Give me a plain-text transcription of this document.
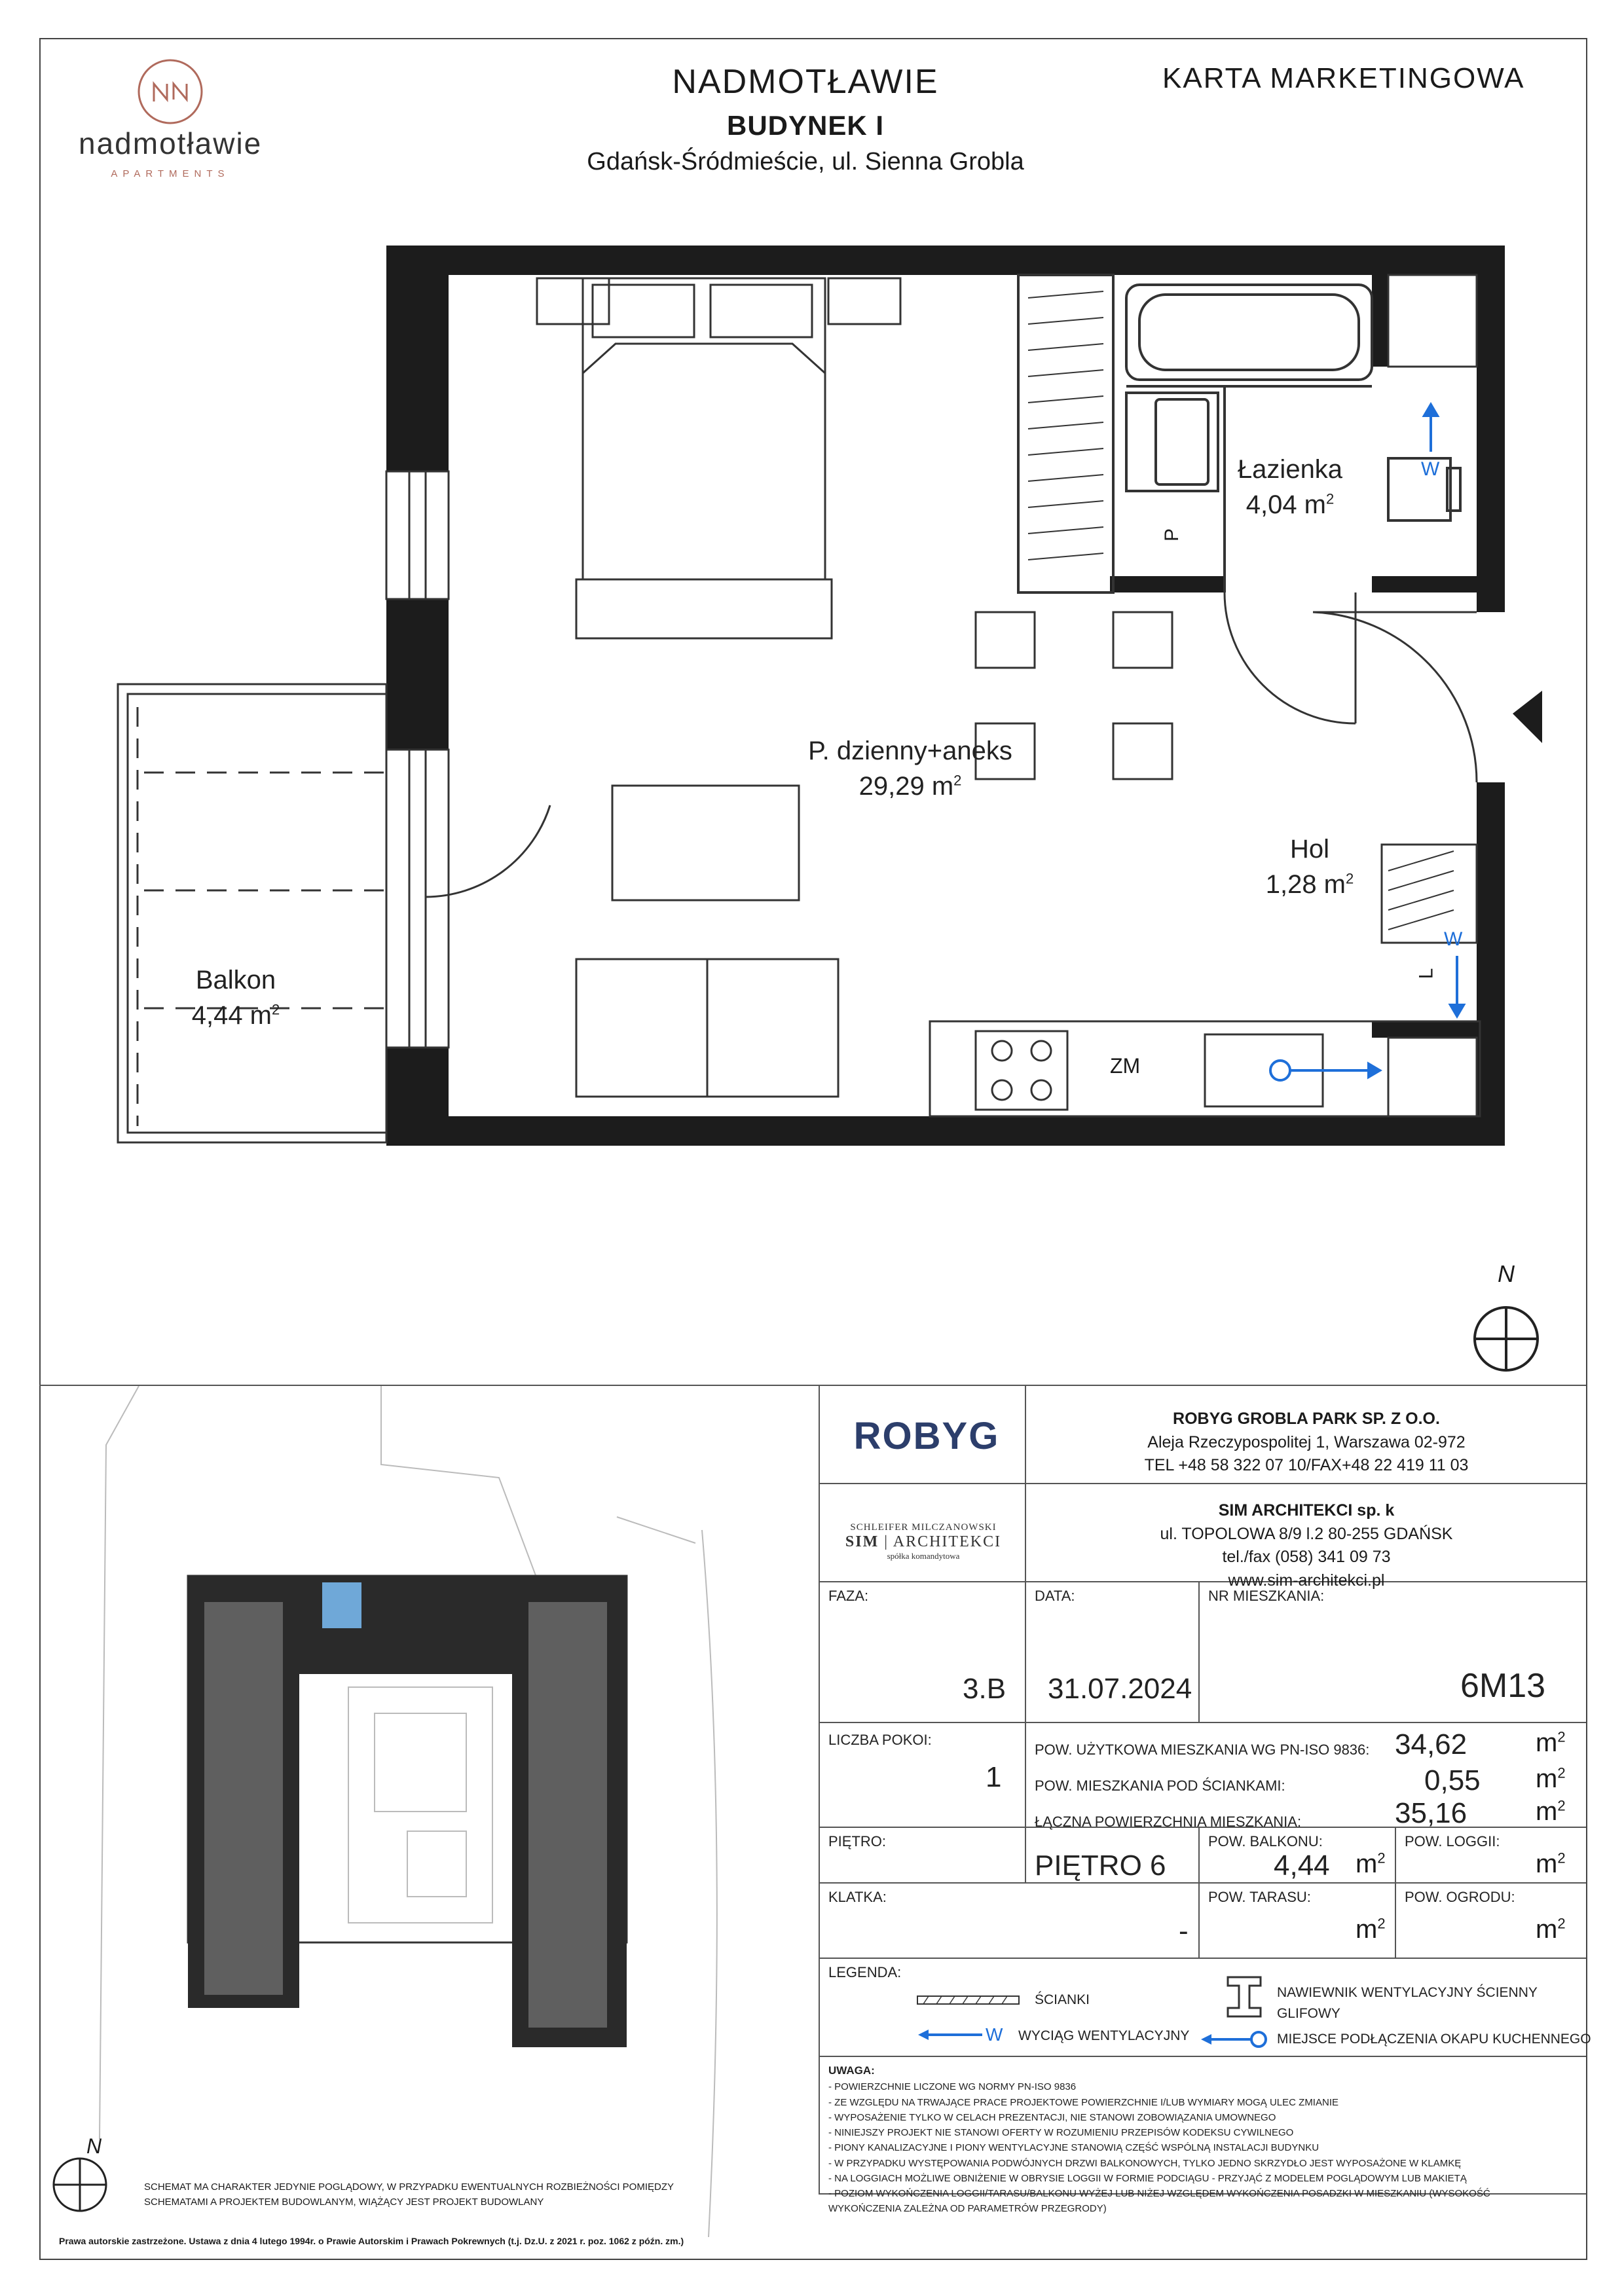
nadmotławie
APARTMENTS
NADMOTŁAWIE
BUDYNEK I
Gdańsk-Śródmieście, ul. Sienna Grobla
KARTA MARKETINGOWA
Łazienka
4,04 $m^2$
P. dzienny+aneks
29,29 $m^2$
Hol
1,28 $m^2$
Balkon
4,44 $m^2$
P
W
W
L
ZM
N
N
SCHEMAT MA CHARAKTER JEDYNIE POGLĄDOWY, W PRZYPADKU EWENTUALNYCH ROZBIEŻNOŚCI POMIĘDZY
SCHEMATAMI A PROJEKTEM BUDOWLANYM, WIĄŻĄCY JEST PROJEKT BUDOWLANY
Prawa autorskie zastrzeżone. Ustawa z dnia 4 lutego 1994r. o Prawie Autorskim i Prawach Pokrewnych (t.j. Dz.U. z 2021 r. poz. 1062 z późn. zm.)
ROBYG	ROBYG GROBLA PARK SP. Z O.O.
Aleja Rzeczypospolitej 1, Warszawa 02-972
TEL +48 58 322 07 10/FAX+48 22 419 11 03
SCHLEIFER MILCZANOWSKI
SIM | ARCHITEKCI
spółka komandytowa
SIM ARCHITEKCI sp. k
ul. TOPOLOWA 8/9 l.2 80-255 GDAŃSK
tel./fax (058) 341 09 73
www.sim-architekci.pl
FAZA:
3.B
DATA:
31.07.2024
NR MIESZKANIA:
6M13
LICZBA POKOI:
1
POW. UŻYTKOWA MIESZKANIA WG PN-ISO 9836: 34,62	$m^2$
POW. MIESZKANIA POD ŚCIANKAMI:	0,55 $m^2$
ŁĄCZNA POWIERZCHNIA MIESZKANIA:	35,16	$m^2$
PIĘTRO:
PIĘTRO 6
POW. BALKONU:
4,44 $m^2$
POW. LOGGII:
$m^2$
KLATKA:
-
POW. TARASU:
$m^2$
POW. OGRODU:
$m^2$
LEGENDA:
ŚCIANKI
W WYCIĄG WENTYLACYJNY
NAWIEWNIK WENTYLACYJNY ŚCIENNY
GLIFOWY
MIEJSCE PODŁĄCZENIA OKAPU KUCHENNEGO
UWAGA:
- POWIERZCHNIE LICZONE WG NORMY PN-ISO 9836
- ZE WZGLĘDU NA TRWAJĄCE PRACE PROJEKTOWE POWIERZCHNIE I/LUB WYMIARY MOGĄ ULEC ZMIANIE
- WYPOSAŻENIE TYLKO W CELACH PREZENTACJI, NIE STANOWI ZOBOWIĄZANIA UMOWNEGO
- NINIEJSZY PROJEKT NIE STANOWI OFERTY W ROZUMIENIU PRZEPISÓW KODEKSU CYWILNEGO
- PIONY KANALIZACYJNE I PIONY WENTYLACYJNE STANOWIĄ CZĘŚĆ WSPÓLNĄ INSTALACJI BUDYNKU
- W PRZYPADKU WYSTĘPOWANIA PODWÓJNYCH DRZWI BALKONOWYCH, TYLKO JEDNO SKRZYDŁO JEST WYPOSAŻONE W KLAMKĘ
- NA LOGGIACH MOŻLIWE OBNIŻENIE W OBRYSIE LOGGII W FORMIE PODCIĄGU - PRZYJĄĆ Z MODELEM POGLĄDOWYM LUB MAKIETĄ
- POZIOM WYKOŃCZENIA LOGGII/TARASU/BALKONU WYŻEJ LUB NIŻEJ WZGLĘDEM WYKOŃCZENIA POSADZKI W MIESZKANIU (WYSOKOŚĆ
WYKOŃCZENIA ZALEŻNA OD PARAMETRÓW PRZEGRODY)
